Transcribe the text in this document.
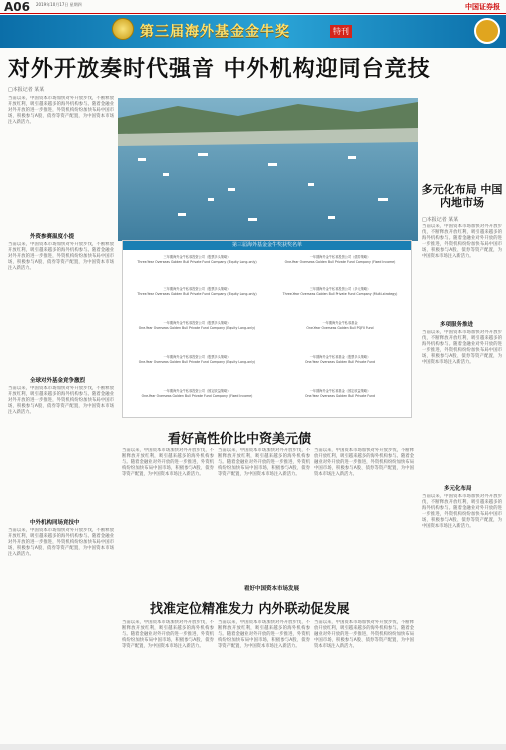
A06 2019年10月17日 星期四	中国证券报
第三届海外基金金牛奖	特刊
对外开放奏时代强音 中外机构迎同台竞技
□本报记者 某某
当前以来，中国资本市场加快对外开放步伐，不断释放开放红利，吸引越来越多的海外机构参与。随着金融业对外开放的进一步推进，外资机构纷纷加快布局中国市场，积极参与A股、债券等资产配置，为中国资本市场注入新活力。
外资参赛温度小提
当前以来，中国资本市场加快对外开放步伐，不断释放开放红利，吸引越来越多的海外机构参与。随着金融业对外开放的进一步推进，外资机构纷纷加快布局中国市场，积极参与A股、债券等资产配置，为中国资本市场注入新活力。
全球对外基金竞争激烈
当前以来，中国资本市场加快对外开放步伐，不断释放开放红利，吸引越来越多的海外机构参与。随着金融业对外开放的进一步推进，外资机构纷纷加快布局中国市场，积极参与A股、债券等资产配置，为中国资本市场注入新活力。
中外机构同场竞技中
当前以来，中国资本市场加快对外开放步伐，不断释放开放红利，吸引越来越多的海外机构参与。随着金融业对外开放的进一步推进，外资机构纷纷加快布局中国市场，积极参与A股、债券等资产配置，为中国资本市场注入新活力。
第三届海外基金金牛奖获奖名单
三年期海外金牛私募投资公司（股票多头策略）
Three-Year Overseas Golden Bull Private Fund Company (Equity Long-only)
三年期海外金牛私募投资公司（股票多头策略）
Three-Year Overseas Golden Bull Private Fund Company (Equity Long-only)
一年期海外金牛私募投资公司（股票多头策略）
One-Year Overseas Golden Bull Private Fund Company (Equity Long-only)
一年期海外金牛私募投资公司（股票多头策略）
One-Year Overseas Golden Bull Private Fund Company (Equity Long-only)
一年期海外金牛私募投资公司（固定收益策略）
One-Year Overseas Golden Bull Private Fund Company (Fixed Income)
一年期海外金牛私募投资公司（债券策略）
One-Year Overseas Golden Bull Private Fund Company (Fixed Income)
三年期海外金牛私募投资公司（多元策略）
Three-Year Overseas Golden Bull Private Fund Company (Multi-strategy)
一年期海外金牛私募基金
One-Year Overseas Golden Bull PQFII Fund
一年期海外金牛私募基金（股票多头策略）
One-Year Overseas Golden Bull Private Fund
一年期海外金牛私募基金（固定收益策略）
One-Year Overseas Golden Bull Private Fund
看好高性价比中资美元债
当前以来，中国资本市场加快对外开放步伐，不断释放开放红利，吸引越来越多的海外机构参与。随着金融业对外开放的进一步推进，外资机构纷纷加快布局中国市场，积极参与A股、债券等资产配置，为中国资本市场注入新活力。
当前以来，中国资本市场加快对外开放步伐，不断释放开放红利，吸引越来越多的海外机构参与。随着金融业对外开放的进一步推进，外资机构纷纷加快布局中国市场，积极参与A股、债券等资产配置，为中国资本市场注入新活力。
看好中国资本市场发展
当前以来，中国资本市场加快对外开放步伐，不断释放开放红利，吸引越来越多的海外机构参与。随着金融业对外开放的进一步推进，外资机构纷纷加快布局中国市场，积极参与A股、债券等资产配置，为中国资本市场注入新活力。
找准定位精准发力 内外联动促发展
当前以来，中国资本市场加快对外开放步伐，不断释放开放红利，吸引越来越多的海外机构参与。随着金融业对外开放的进一步推进，外资机构纷纷加快布局中国市场，积极参与A股、债券等资产配置，为中国资本市场注入新活力。
当前以来，中国资本市场加快对外开放步伐，不断释放开放红利，吸引越来越多的海外机构参与。随着金融业对外开放的进一步推进，外资机构纷纷加快布局中国市场，积极参与A股、债券等资产配置，为中国资本市场注入新活力。
当前以来，中国资本市场加快对外开放步伐，不断释放开放红利，吸引越来越多的海外机构参与。随着金融业对外开放的进一步推进，外资机构纷纷加快布局中国市场，积极参与A股、债券等资产配置，为中国资本市场注入新活力。
多元化布局 中国内地市场
□本报记者 某某
当前以来，中国资本市场加快对外开放步伐，不断释放开放红利，吸引越来越多的海外机构参与。随着金融业对外开放的进一步推进，外资机构纷纷加快布局中国市场，积极参与A股、债券等资产配置，为中国资本市场注入新活力。
多项服务推进
当前以来，中国资本市场加快对外开放步伐，不断释放开放红利，吸引越来越多的海外机构参与。随着金融业对外开放的进一步推进，外资机构纷纷加快布局中国市场，积极参与A股、债券等资产配置，为中国资本市场注入新活力。
多元化布局
当前以来，中国资本市场加快对外开放步伐，不断释放开放红利，吸引越来越多的海外机构参与。随着金融业对外开放的进一步推进，外资机构纷纷加快布局中国市场，积极参与A股、债券等资产配置，为中国资本市场注入新活力。
